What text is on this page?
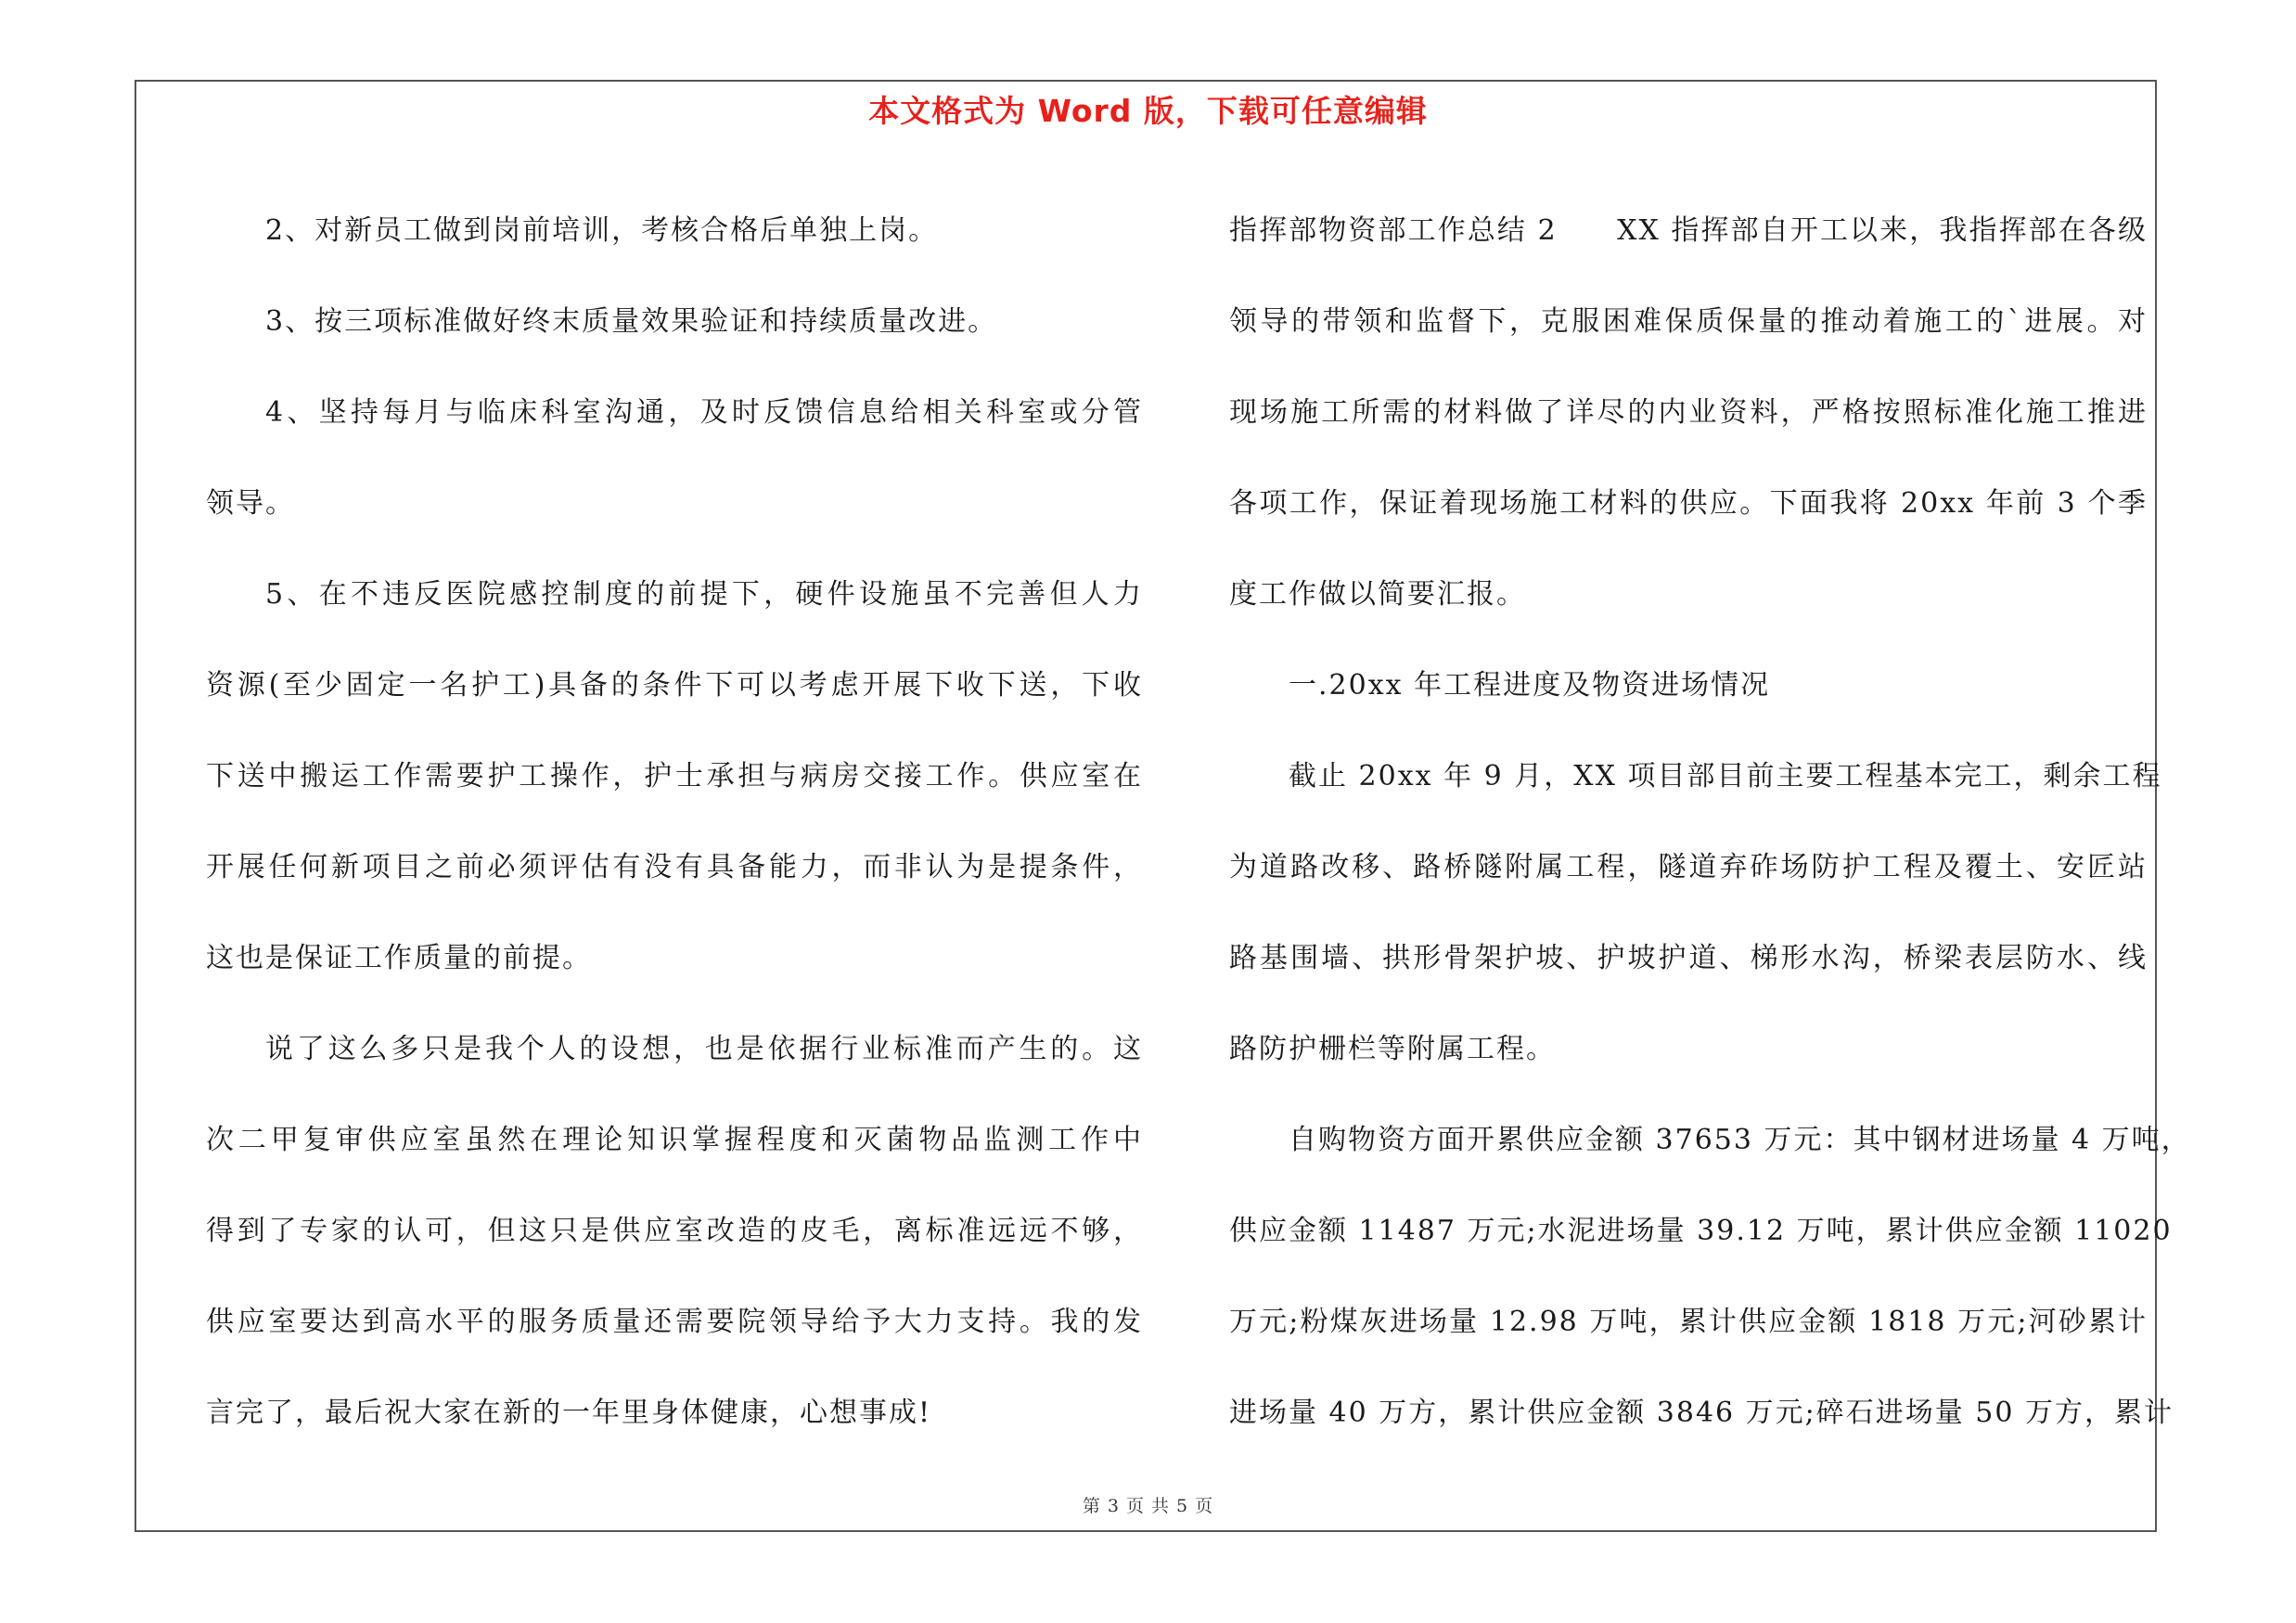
本文格式为 Word 版，下载可任意编辑
2、对新员工做到岗前培训，考核合格后单独上岗。
3、按三项标准做好终末质量效果验证和持续质量改进。
4、坚持每月与临床科室沟通，及时反馈信息给相关科室或分管
领导。
5、在不违反医院感控制度的前提下，硬件设施虽不完善但人力
资源(至少固定一名护工)具备的条件下可以考虑开展下收下送，下收
下送中搬运工作需要护工操作，护士承担与病房交接工作。供应室在
开展任何新项目之前必须评估有没有具备能力，而非认为是提条件，
这也是保证工作质量的前提。
说了这么多只是我个人的设想，也是依据行业标准而产生的。这
次二甲复审供应室虽然在理论知识掌握程度和灭菌物品监测工作中
得到了专家的认可，但这只是供应室改造的皮毛，离标准远远不够，
供应室要达到高水平的服务质量还需要院领导给予大力支持。我的发
言完了，最后祝大家在新的一年里身体健康，心想事成!
指挥部物资部工作总结 2　　XX 指挥部自开工以来，我指挥部在各级
领导的带领和监督下，克服困难保质保量的推动着施工的`进展。对
现场施工所需的材料做了详尽的内业资料，严格按照标准化施工推进
各项工作，保证着现场施工材料的供应。下面我将 20xx 年前 3 个季
度工作做以简要汇报。
一.20xx 年工程进度及物资进场情况
截止 20xx 年 9 月，XX 项目部目前主要工程基本完工，剩余工程
为道路改移、路桥隧附属工程，隧道弃砟场防护工程及覆土、安匠站
路基围墙、拱形骨架护坡、护坡护道、梯形水沟，桥梁表层防水、线
路防护栅栏等附属工程。
自购物资方面开累供应金额 37653 万元：其中钢材进场量 4 万吨，
供应金额 11487 万元;水泥进场量 39.12 万吨，累计供应金额 11020
万元;粉煤灰进场量 12.98 万吨，累计供应金额 1818 万元;河砂累计
进场量 40 万方，累计供应金额 3846 万元;碎石进场量 50 万方，累计
第 3 页 共 5 页
